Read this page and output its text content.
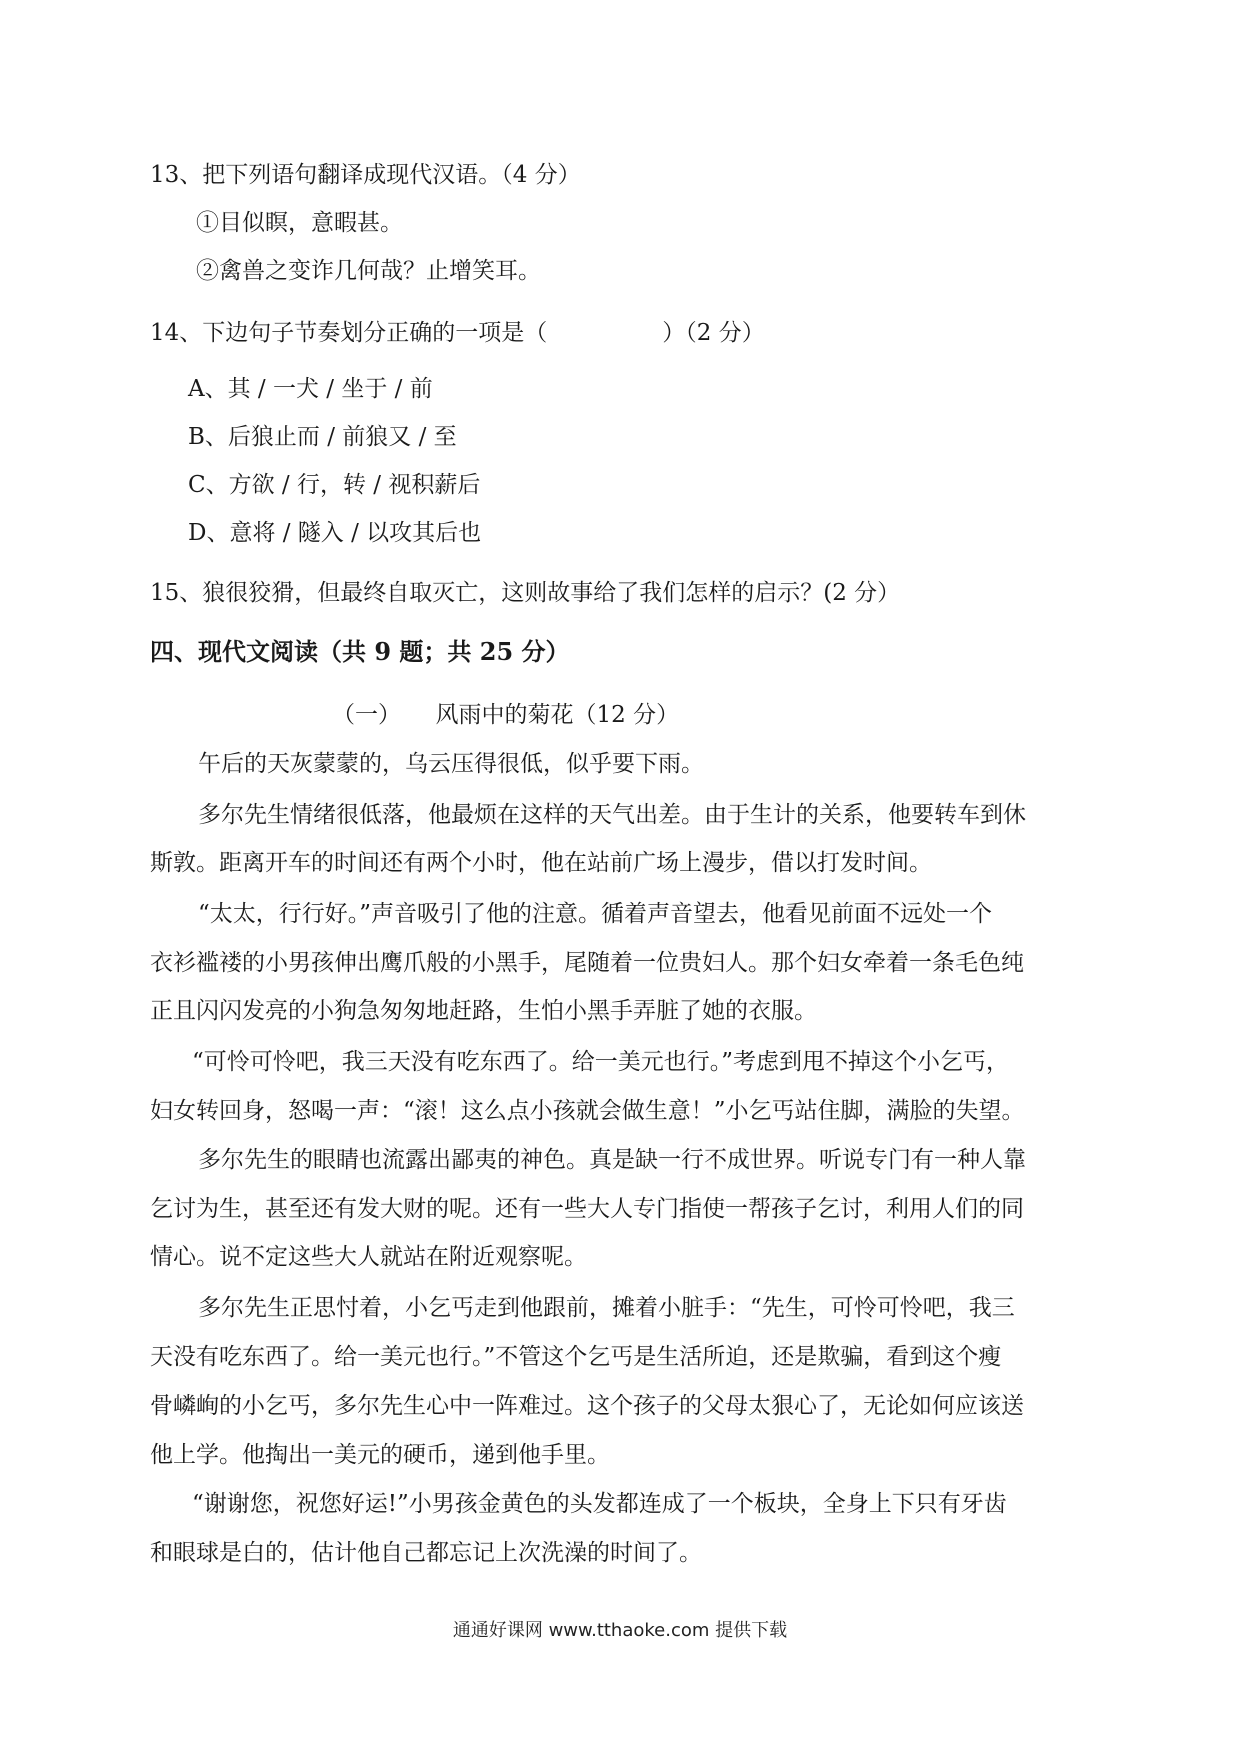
13、把下列语句翻译成现代汉语。（4 分）
①目似瞑，意暇甚。
②禽兽之变诈几何哉？止增笑耳。
14、下边句子节奏划分正确的一项是（　　　　　）（2 分）
A、其 / 一犬 / 坐于 / 前
B、后狼止而 / 前狼又 / 至
C、方欲 / 行，转 / 视积薪后
D、意将 / 隧入 / 以攻其后也
15、狼很狡猾，但最终自取灭亡，这则故事给了我们怎样的启示？(2 分）
四、现代文阅读（共 9 题；共 25 分）
（一）　　风雨中的菊花（12 分）
午后的天灰蒙蒙的，乌云压得很低，似乎要下雨。
多尔先生情绪很低落，他最烦在这样的天气出差。由于生计的关系，他要转车到休
斯敦。距离开车的时间还有两个小时，他在站前广场上漫步，借以打发时间。
“太太，行行好。”声音吸引了他的注意。循着声音望去，他看见前面不远处一个
衣衫褴褛的小男孩伸出鹰爪般的小黑手，尾随着一位贵妇人。那个妇女牵着一条毛色纯
正且闪闪发亮的小狗急匆匆地赶路，生怕小黑手弄脏了她的衣服。
“可怜可怜吧，我三天没有吃东西了。给一美元也行。”考虑到甩不掉这个小乞丐，
妇女转回身，怒喝一声：“滚！这么点小孩就会做生意！”小乞丐站住脚，满脸的失望。
多尔先生的眼睛也流露出鄙夷的神色。真是缺一行不成世界。听说专门有一种人靠
乞讨为生，甚至还有发大财的呢。还有一些大人专门指使一帮孩子乞讨，利用人们的同
情心。说不定这些大人就站在附近观察呢。
多尔先生正思忖着，小乞丐走到他跟前，摊着小脏手：“先生，可怜可怜吧，我三
天没有吃东西了。给一美元也行。”不管这个乞丐是生活所迫，还是欺骗，看到这个瘦
骨嶙峋的小乞丐，多尔先生心中一阵难过。这个孩子的父母太狠心了，无论如何应该送
他上学。他掏出一美元的硬币，递到他手里。
“谢谢您，祝您好运!”小男孩金黄色的头发都连成了一个板块，全身上下只有牙齿
和眼球是白的，估计他自己都忘记上次洗澡的时间了。
通通好课网 www.tthaoke.com 提供下载
